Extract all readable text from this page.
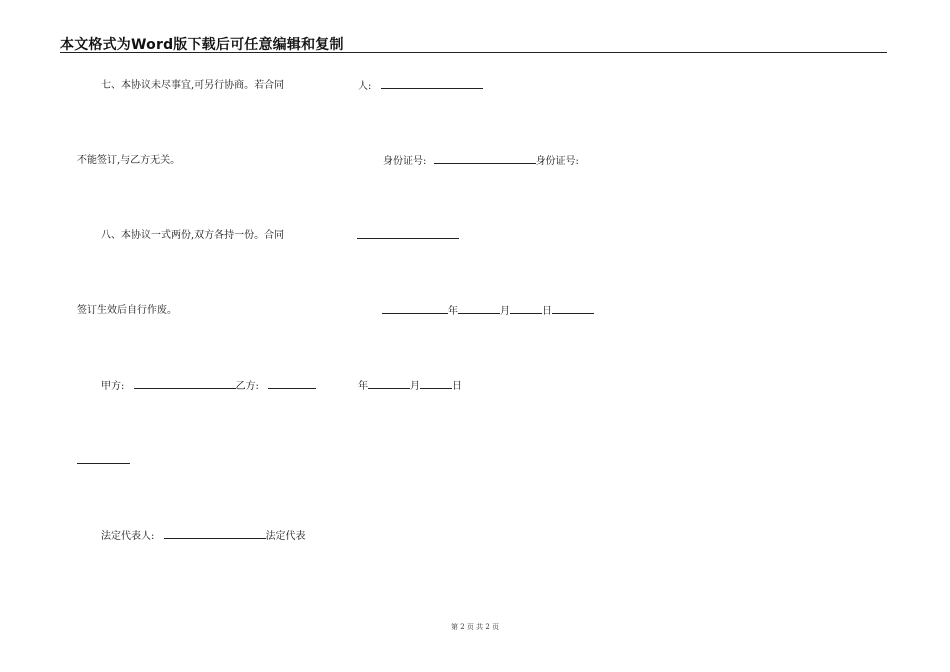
本文格式为Word版下载后可任意编辑和复制
七、本协议未尽事宜,可另行协商。若合同	人:
不能签订,与乙方无关。	身份证号:	身份证号:
八、本协议一式两份,双方各持一份。合同
签订生效后自行作废。	年	月	日
甲方:	乙方:	年	月	日
法定代表人:	法定代表
第 2 页 共 2 页
